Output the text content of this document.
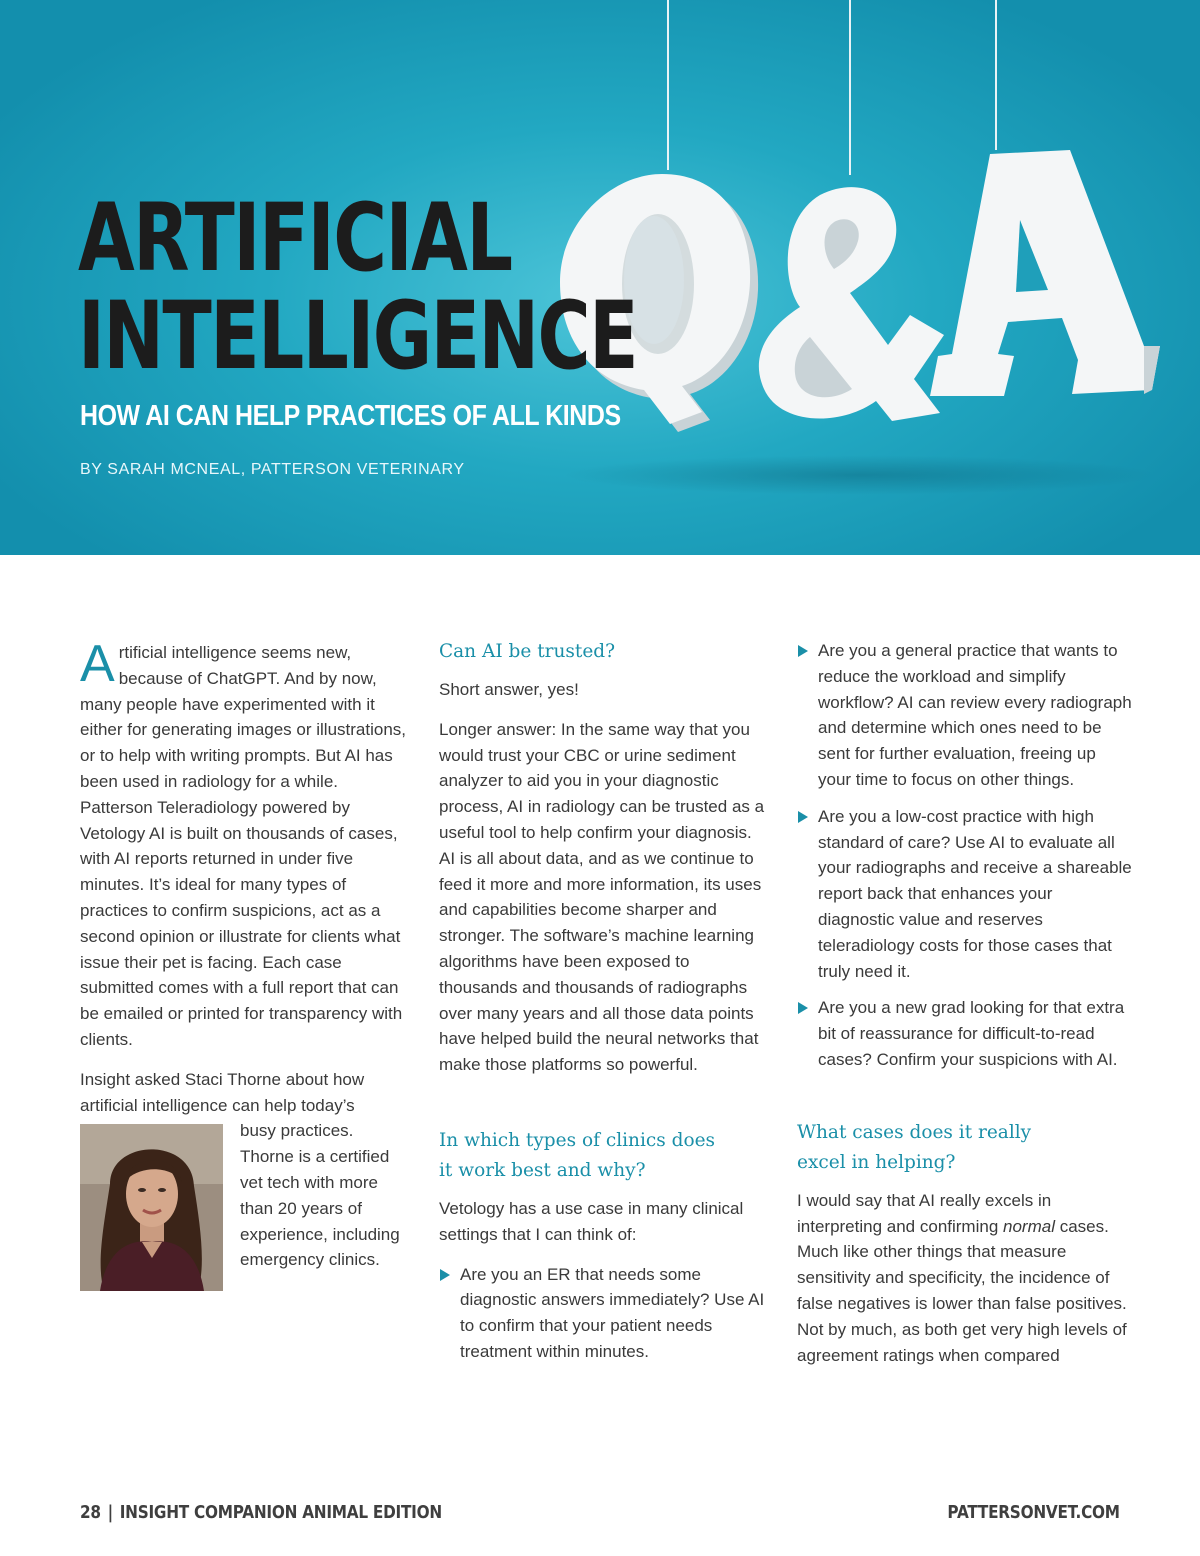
ARTIFICIAL
INTELLIGENCE
HOW AI CAN HELP PRACTICES OF ALL KINDS

BY SARAH MCNEAL, PATTERSON VETERINARY

Artificial intelligence seems new, because of ChatGPT. And by now, many people have experimented with it either for generating images or illustrations, or to help with writing prompts. But AI has been used in radiology for a while. Patterson Teleradiology powered by Vetology AI is built on thousands of cases, with AI reports returned in under five minutes. It’s ideal for many types of practices to confirm suspicions, act as a second opinion or illustrate for clients what issue their pet is facing. Each case submitted comes with a full report that can be emailed or printed for transparency with clients.

Insight asked Staci Thorne about how artificial intelligence can help today’s

busy practices. Thorne is a certified vet tech with more than 20 years of experience, including emergency clinics.

Can AI be trusted?

Short answer, yes!

Longer answer: In the same way that you would trust your CBC or urine sediment analyzer to aid you in your diagnostic process, AI in radiology can be trusted as a useful tool to help confirm your diagnosis. AI is all about data, and as we continue to feed it more and more information, its uses and capabilities become sharper and stronger. The software’s machine learning algorithms have been exposed to thousands and thousands of radiographs over many years and all those data points have helped build the neural networks that make those platforms so powerful.

In which types of clinics does it work best and why?

Vetology has a use case in many clinical settings that I can think of:

Are you an ER that needs some diagnostic answers immediately? Use AI to confirm that your patient needs treatment within minutes.
Are you a general practice that wants to reduce the workload and simplify workflow? AI can review every radiograph and determine which ones need to be sent for further evaluation, freeing up your time to focus on other things.
Are you a low-cost practice with high standard of care? Use AI to evaluate all your radiographs and receive a shareable report back that enhances your diagnostic value and reserves teleradiology costs for those cases that truly need it.
Are you a new grad looking for that extra bit of reassurance for difficult-to-read cases? Confirm your suspicions with AI.
What cases does it really excel in helping?

I would say that AI really excels in interpreting and confirming normal cases. Much like other things that measure sensitivity and specificity, the incidence of false negatives is lower than false positives. Not by much, as both get very high levels of agreement ratings when compared

28 | INSIGHT COMPANION ANIMAL EDITION	PATTERSONVET.COM
